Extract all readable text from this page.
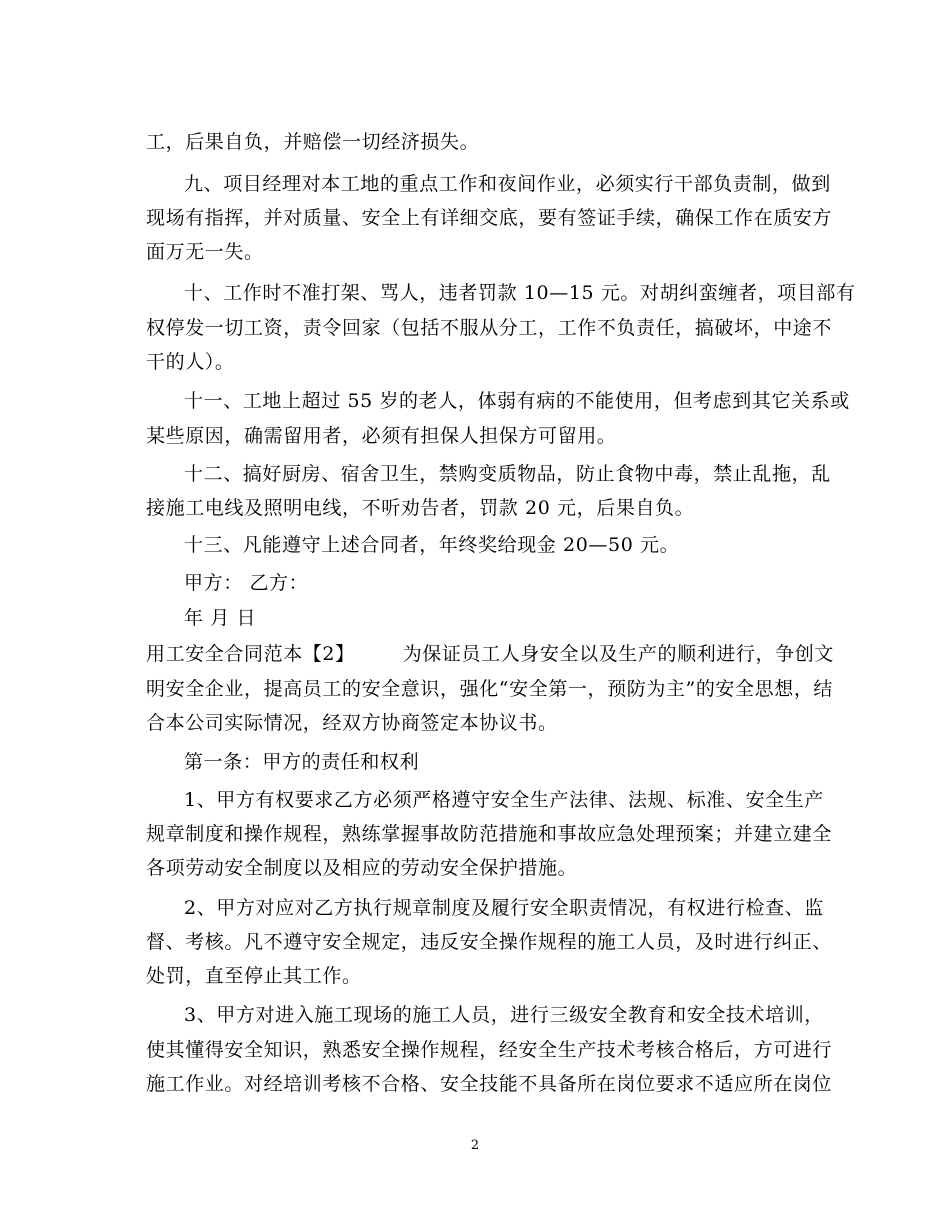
工，后果自负，并赔偿一切经济损失。
九、项目经理对本工地的重点工作和夜间作业，必须实行干部负责制，做到
现场有指挥，并对质量、安全上有详细交底，要有签证手续，确保工作在质安方
面万无一失。
十、工作时不准打架、骂人，违者罚款 10—15 元。对胡纠蛮缠者，项目部有
权停发一切工资，责令回家（包括不服从分工，工作不负责任，搞破坏，中途不
干的人）。
十一、工地上超过 55 岁的老人，体弱有病的不能使用，但考虑到其它关系或
某些原因，确需留用者，必须有担保人担保方可留用。
十二、搞好厨房、宿舍卫生，禁购变质物品，防止食物中毒，禁止乱拖，乱
接施工电线及照明电线，不听劝告者，罚款 20 元，后果自负。
十三、凡能遵守上述合同者，年终奖给现金 20—50 元。
甲方： 乙方：
年 月 日
用工安全合同范本【2】	为保证员工人身安全以及生产的顺利进行，争创文
明安全企业，提高员工的安全意识，强化“安全第一，预防为主”的安全思想，结
合本公司实际情况，经双方协商签定本协议书。
第一条：甲方的责任和权利
1、甲方有权要求乙方必须严格遵守安全生产法律、法规、标准、安全生产
规章制度和操作规程，熟练掌握事故防范措施和事故应急处理预案；并建立建全
各项劳动安全制度以及相应的劳动安全保护措施。
2、甲方对应对乙方执行规章制度及履行安全职责情况，有权进行检查、监
督、考核。凡不遵守安全规定，违反安全操作规程的施工人员，及时进行纠正、
处罚，直至停止其工作。
3、甲方对进入施工现场的施工人员，进行三级安全教育和安全技术培训，
使其懂得安全知识，熟悉安全操作规程，经安全生产技术考核合格后，方可进行
施工作业。对经培训考核不合格、安全技能不具备所在岗位要求不适应所在岗位
2
